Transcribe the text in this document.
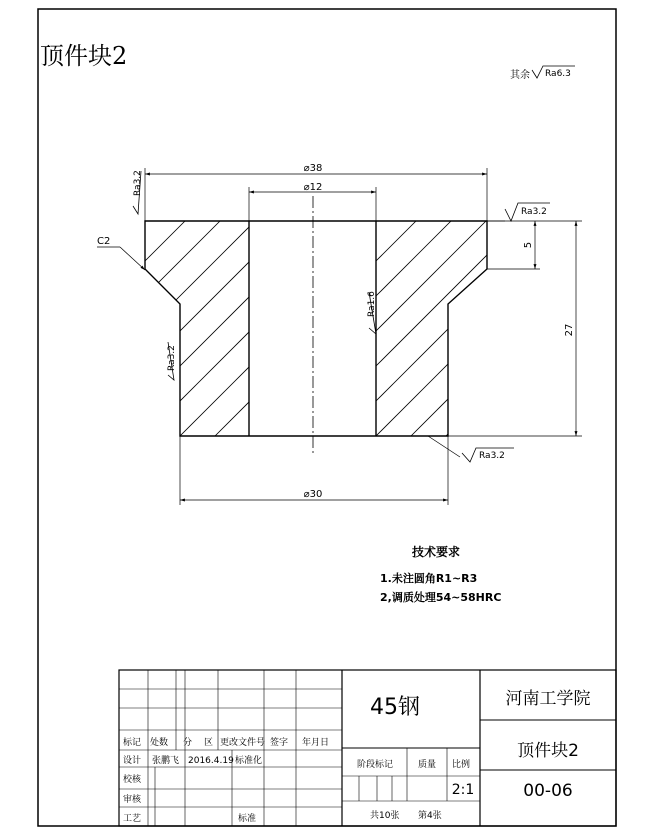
顶件块2
其余 Ra6.3
⌀38
⌀12
⌀30
27
5
C2
Ra3.2
Ra3.2
Ra1.6
Ra3.2
Ra3.2
技术要求
1.未注圆角R1~R3
2,调质处理54~58HRC
标记 处数 分 区 更改文件号 签字 年月日
设计 张鹏飞 2016.4.19 标准化
校核
审核
工艺	标准
45钢	河南工学院
顶件块2
00-06
阶段标记	质量 比例
2:1
共10张 第4张
